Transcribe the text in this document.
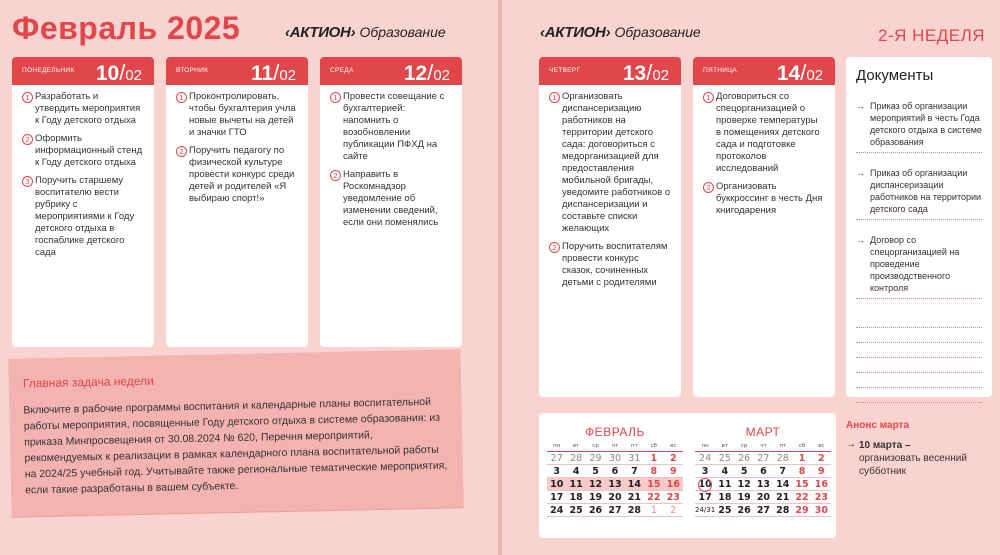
Февраль 2025	‹АКТИОН› Образование	‹АКТИОН› Образование	2-Я НЕДЕЛЯ
ПОНЕДЕЛЬНИК 10/02
1 Разработать и утвердить мероприятия к Году детского отдыха
2 Оформить информационный стенд к Году детского отдыха
3 Поручить старшему воспитателю вести рубрику с мероприятиями к Году детского отдыха в госпаблике детского сада
ВТОРНИК 11/02
1 Проконтролировать, чтобы бухгалтерия учла новые вычеты на детей и значки ГТО
2 Поручить педагогу по физической культуре провести конкурс среди детей и родителей «Я выбираю спорт!»
СРЕДА 12/02
1 Провести совещание с бухгалтерией: напомнить о возобновлении публикации ПФХД на сайте
2 Направить в Роскомнадзор уведомление об изменении сведений, если они поменялись
ЧЕТВЕРГ 13/02
1 Организовать диспансеризацию работников на территории детского сада: договориться с медорганизацией для предоставления мобильной бригады, уведомите работников о диспансеризации и составьте списки желающих
2 Поручить воспитателям провести конкурс сказок, сочиненных детьми с родителями
ПЯТНИЦА 14/02
1 Договориться со спецорганизацией о проверке температуры в помещениях детского сада и подготовке протоколов исследований
2 Организовать буккроссинг в честь Дня книгодарения
Документы
→ Приказ об организации мероприятий в честь Года детского отдыха в системе образования
→ Приказ об организации диспансеризации работников на территории детского сада
→ Договор со спецорганизацией на проведение производственного контроля
Главная задача недели
Включите в рабочие программы воспитания и календарные планы воспитательной работы мероприятия, посвященные Году детского отдыха в системе образования: из приказа Минпросвещения от 30.08.2024 № 620, Перечня мероприятий, рекомендуемых к реализации в рамках календарного плана воспитательной работы на 2024/25 учебный год. Учитывайте также региональные тематические мероприятия, если такие разработаны в вашем субъекте.
ФЕВРАЛЬ
пн	вт	ср	чт	пт	сб	вс
27 28 29 30 31	1	2
3	4	5	6	7	8	9
10 11 12 13 14 15 16
17 18 19 20 21 22 23
24 25 26 27 28	1	2
МАРТ
пн	вт	ср	чт	пт	сб	вс
24 25 26 27 28	1	2
3	4	5	6	7	8	9
10 11 12 13 14 15 16
17 18 19 20 21 22 23
24/31 25 26 27 28 29 30
Анонс марта
→ 10 марта –
организовать весенний субботник
